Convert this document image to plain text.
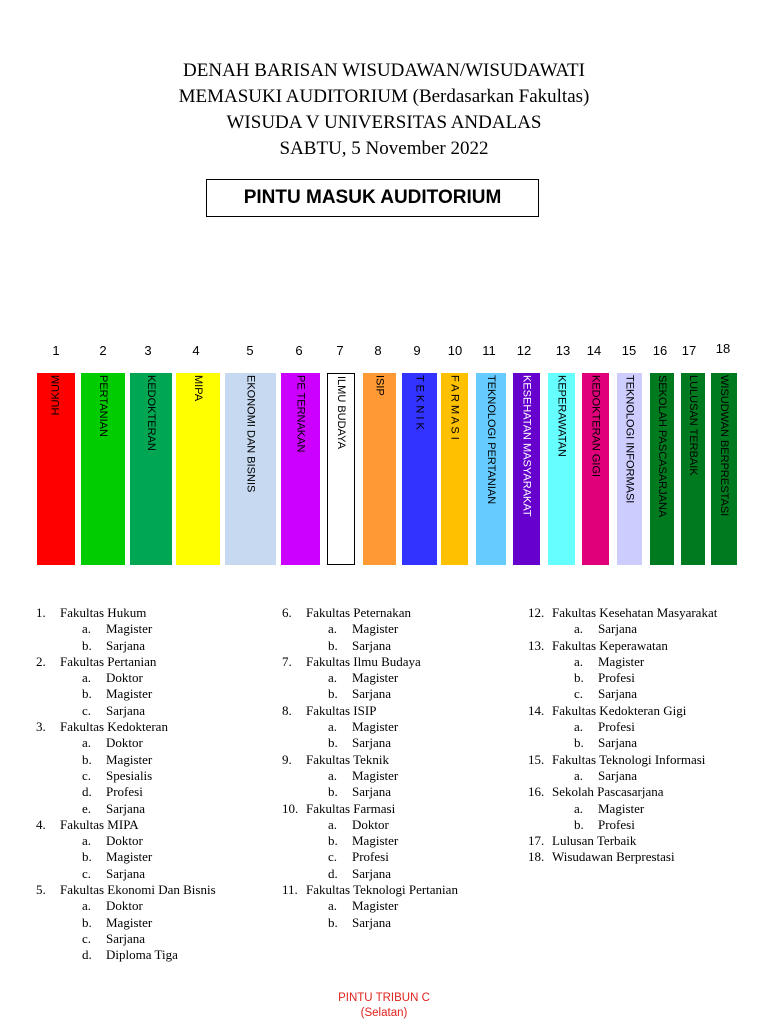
DENAH BARISAN WISUDAWAN/WISUDAWATI
MEMASUKI AUDITORIUM (Berdasarkan Fakultas)
WISUDA V UNIVERSITAS ANDALAS
SABTU, 5 November 2022
PINTU MASUK AUDITORIUM
1
HUKUM
2
PERTANIAN
3
KEDOKTERAN
4
MIPA
5
EKONOMI DAN BISNIS
6
PE TERNAKAN
7
ILMU BUDAYA
8
ISIP
9
T E K N I K
10
F A R M A S I
11
TEKNOLOGI PERTANIAN
12
KESEHATAN MASYARAKAT
13
KEPERAWATAN
14
KEDOKTERAN GIGI
15
TEKNOLOGI INFORMASI
16
SEKOLAH PASCASARJANA
17
LULUSAN TERBAIK
18
WISUDWAN BERPRESTASI
1.	Fakultas Hukum
a. Magister
b. Sarjana
2.	Fakultas Pertanian
a. Doktor
b. Magister
c. Sarjana
3.	Fakultas Kedokteran
a. Doktor
b. Magister
c. Spesialis
d. Profesi
e. Sarjana
4.	Fakultas MIPA
a. Doktor
b. Magister
c. Sarjana
5.	Fakultas Ekonomi Dan Bisnis
a. Doktor
b. Magister
c. Sarjana
d. Diploma Tiga
6.	Fakultas Peternakan
a. Magister
b. Sarjana
7.	Fakultas Ilmu Budaya
a. Magister
b. Sarjana
8.	Fakultas ISIP
a. Magister
b. Sarjana
9.	Fakultas Teknik
a. Magister
b. Sarjana
10. Fakultas Farmasi
a. Doktor
b. Magister
c. Profesi
d. Sarjana
11. Fakultas Teknologi Pertanian
a. Magister
b. Sarjana
12. Fakultas Kesehatan Masyarakat
a. Sarjana
13. Fakultas Keperawatan
a. Magister
b. Profesi
c. Sarjana
14. Fakultas Kedokteran Gigi
a. Profesi
b. Sarjana
15. Fakultas Teknologi Informasi
a. Sarjana
16. Sekolah Pascasarjana
a. Magister
b. Profesi
17. Lulusan Terbaik
18. Wisudawan Berprestasi
PINTU TRIBUN C
(Selatan)
